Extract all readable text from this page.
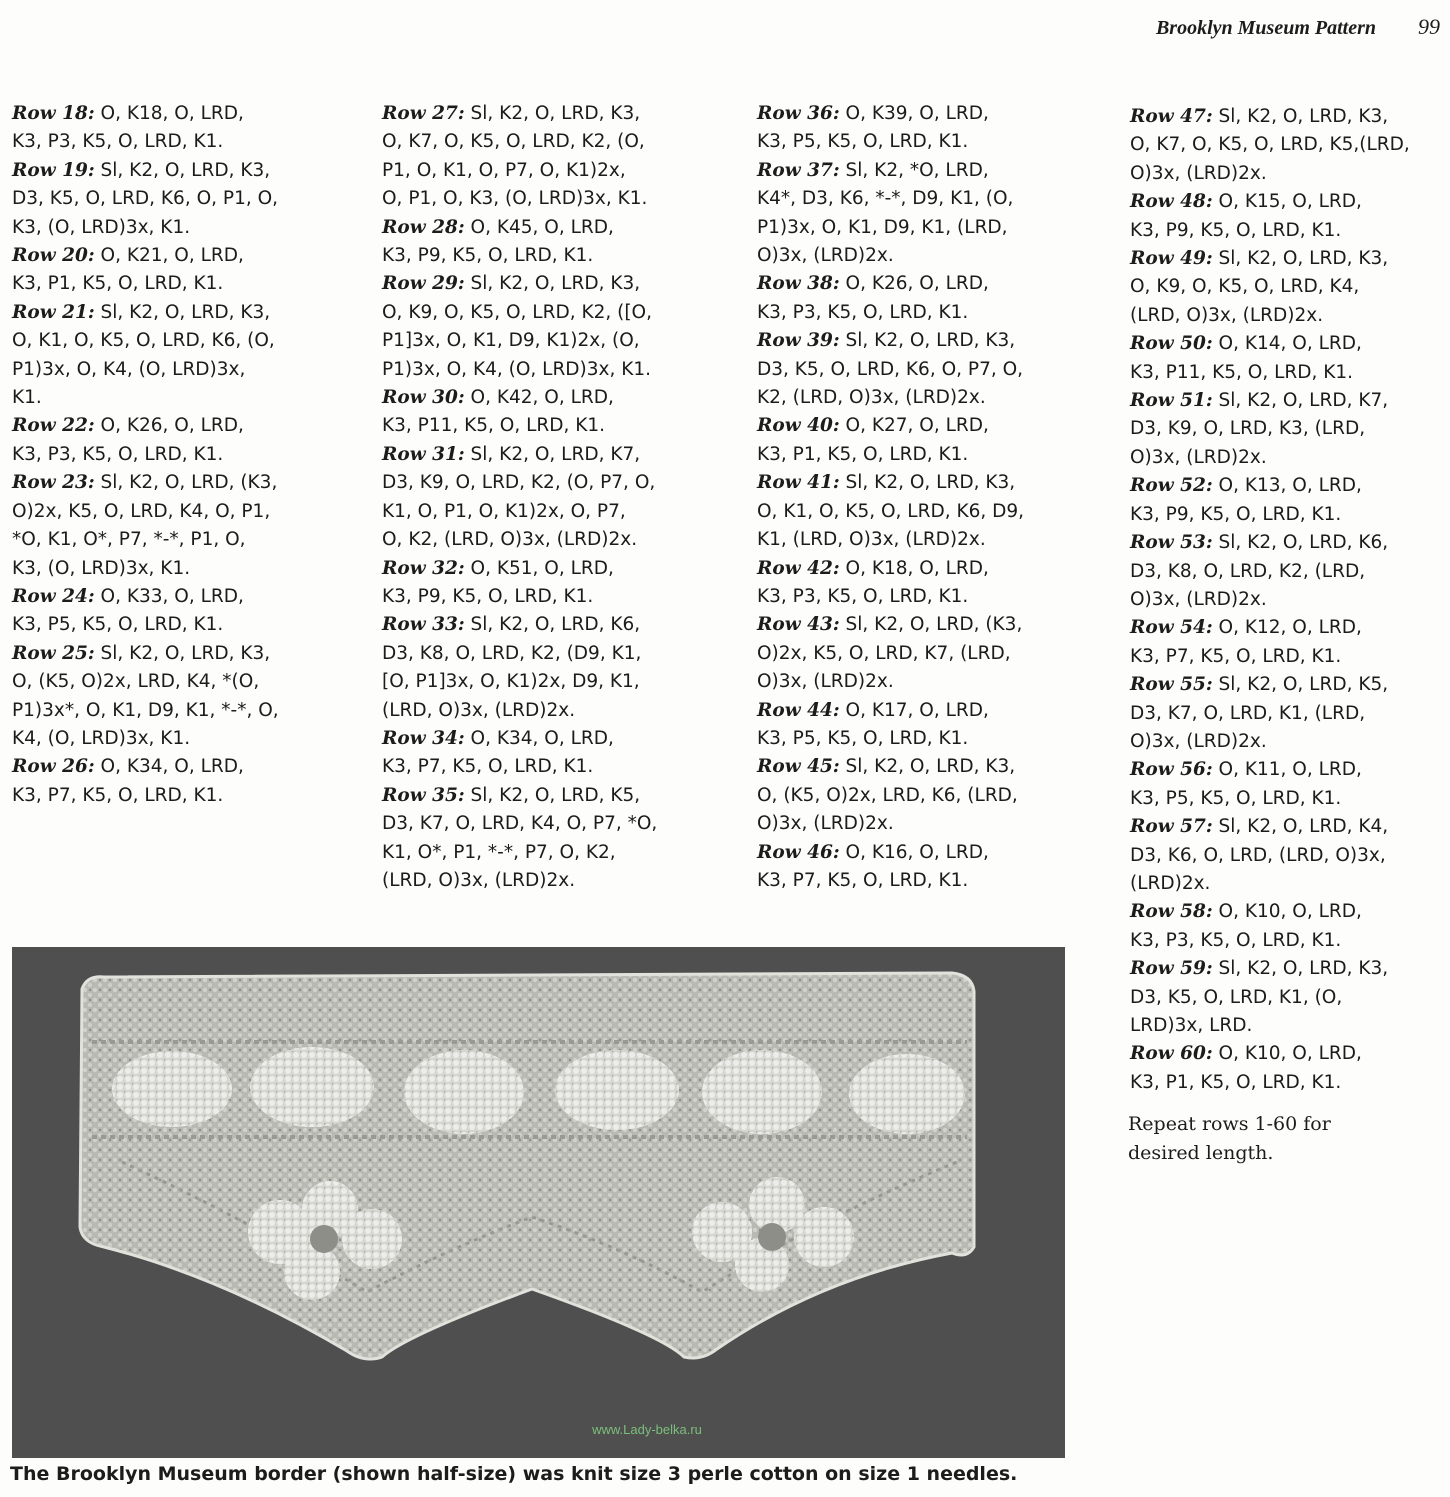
Brooklyn Museum Pattern 99
Row 18: O, K18, O, LRD,
K3, P3, K5, O, LRD, K1.
Row 19: Sl, K2, O, LRD, K3,
D3, K5, O, LRD, K6, O, P1, O,
K3, (O, LRD)3x, K1.
Row 20: O, K21, O, LRD,
K3, P1, K5, O, LRD, K1.
Row 21: Sl, K2, O, LRD, K3,
O, K1, O, K5, O, LRD, K6, (O,
P1)3x, O, K4, (O, LRD)3x,
K1.
Row 22: O, K26, O, LRD,
K3, P3, K5, O, LRD, K1.
Row 23: Sl, K2, O, LRD, (K3,
O)2x, K5, O, LRD, K4, O, P1,
*O, K1, O*, P7, *-*, P1, O,
K3, (O, LRD)3x, K1.
Row 24: O, K33, O, LRD,
K3, P5, K5, O, LRD, K1.
Row 25: Sl, K2, O, LRD, K3,
O, (K5, O)2x, LRD, K4, *(O,
P1)3x*, O, K1, D9, K1, *-*, O,
K4, (O, LRD)3x, K1.
Row 26: O, K34, O, LRD,
K3, P7, K5, O, LRD, K1.
Row 27: Sl, K2, O, LRD, K3,
O, K7, O, K5, O, LRD, K2, (O,
P1, O, K1, O, P7, O, K1)2x,
O, P1, O, K3, (O, LRD)3x, K1.
Row 28: O, K45, O, LRD,
K3, P9, K5, O, LRD, K1.
Row 29: Sl, K2, O, LRD, K3,
O, K9, O, K5, O, LRD, K2, ([O,
P1]3x, O, K1, D9, K1)2x, (O,
P1)3x, O, K4, (O, LRD)3x, K1.
Row 30: O, K42, O, LRD,
K3, P11, K5, O, LRD, K1.
Row 31: Sl, K2, O, LRD, K7,
D3, K9, O, LRD, K2, (O, P7, O,
K1, O, P1, O, K1)2x, O, P7,
O, K2, (LRD, O)3x, (LRD)2x.
Row 32: O, K51, O, LRD,
K3, P9, K5, O, LRD, K1.
Row 33: Sl, K2, O, LRD, K6,
D3, K8, O, LRD, K2, (D9, K1,
[O, P1]3x, O, K1)2x, D9, K1,
(LRD, O)3x, (LRD)2x.
Row 34: O, K34, O, LRD,
K3, P7, K5, O, LRD, K1.
Row 35: Sl, K2, O, LRD, K5,
D3, K7, O, LRD, K4, O, P7, *O,
K1, O*, P1, *-*, P7, O, K2,
(LRD, O)3x, (LRD)2x.
Row 36: O, K39, O, LRD,
K3, P5, K5, O, LRD, K1.
Row 37: Sl, K2, *O, LRD,
K4*, D3, K6, *-*, D9, K1, (O,
P1)3x, O, K1, D9, K1, (LRD,
O)3x, (LRD)2x.
Row 38: O, K26, O, LRD,
K3, P3, K5, O, LRD, K1.
Row 39: Sl, K2, O, LRD, K3,
D3, K5, O, LRD, K6, O, P7, O,
K2, (LRD, O)3x, (LRD)2x.
Row 40: O, K27, O, LRD,
K3, P1, K5, O, LRD, K1.
Row 41: Sl, K2, O, LRD, K3,
O, K1, O, K5, O, LRD, K6, D9,
K1, (LRD, O)3x, (LRD)2x.
Row 42: O, K18, O, LRD,
K3, P3, K5, O, LRD, K1.
Row 43: Sl, K2, O, LRD, (K3,
O)2x, K5, O, LRD, K7, (LRD,
O)3x, (LRD)2x.
Row 44: O, K17, O, LRD,
K3, P5, K5, O, LRD, K1.
Row 45: Sl, K2, O, LRD, K3,
O, (K5, O)2x, LRD, K6, (LRD,
O)3x, (LRD)2x.
Row 46: O, K16, O, LRD,
K3, P7, K5, O, LRD, K1.
Row 47: Sl, K2, O, LRD, K3,
O, K7, O, K5, O, LRD, K5,(LRD,
O)3x, (LRD)2x.
Row 48: O, K15, O, LRD,
K3, P9, K5, O, LRD, K1.
Row 49: Sl, K2, O, LRD, K3,
O, K9, O, K5, O, LRD, K4,
(LRD, O)3x, (LRD)2x.
Row 50: O, K14, O, LRD,
K3, P11, K5, O, LRD, K1.
Row 51: Sl, K2, O, LRD, K7,
D3, K9, O, LRD, K3, (LRD,
O)3x, (LRD)2x.
Row 52: O, K13, O, LRD,
K3, P9, K5, O, LRD, K1.
Row 53: Sl, K2, O, LRD, K6,
D3, K8, O, LRD, K2, (LRD,
O)3x, (LRD)2x.
Row 54: O, K12, O, LRD,
K3, P7, K5, O, LRD, K1.
Row 55: Sl, K2, O, LRD, K5,
D3, K7, O, LRD, K1, (LRD,
O)3x, (LRD)2x.
Row 56: O, K11, O, LRD,
K3, P5, K5, O, LRD, K1.
Row 57: Sl, K2, O, LRD, K4,
D3, K6, O, LRD, (LRD, O)3x,
(LRD)2x.
Row 58: O, K10, O, LRD,
K3, P3, K5, O, LRD, K1.
Row 59: Sl, K2, O, LRD, K3,
D3, K5, O, LRD, K1, (O,
LRD)3x, LRD.
Row 60: O, K10, O, LRD,
K3, P1, K5, O, LRD, K1.
Repeat rows 1-60 for
desired length.
www.Lady-belka.ru
The Brooklyn Museum border (shown half-size) was knit size 3 perle cotton on size 1 needles.
